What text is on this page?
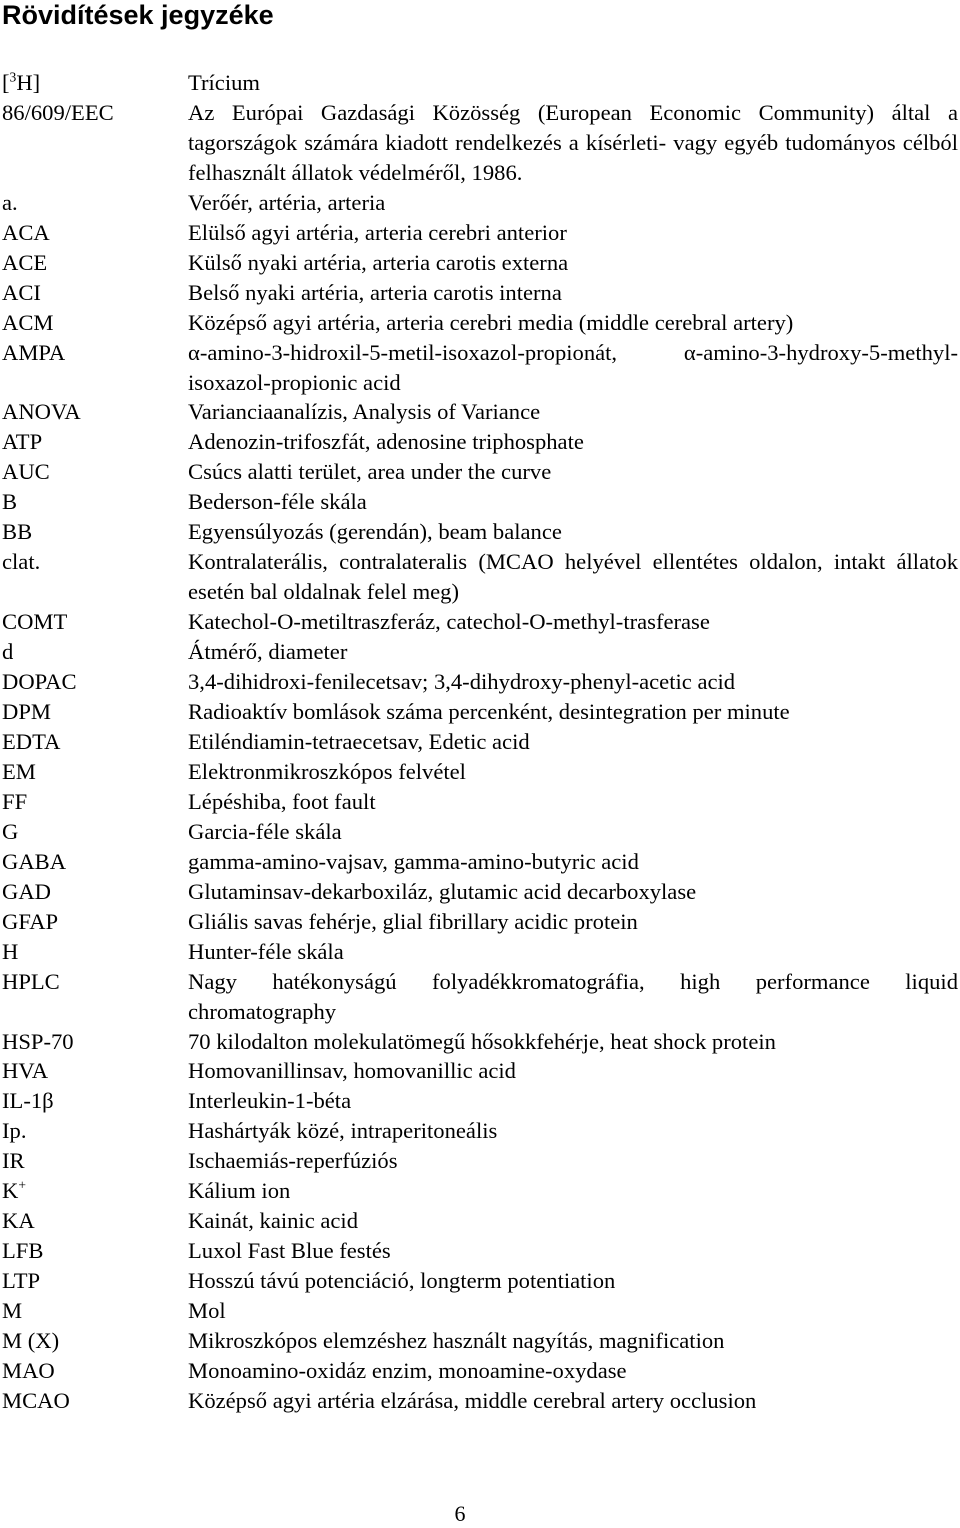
Rövidítések jegyzéke
[$^3$H]	Trícium
86/609/EEC	Az Európai Gazdasági Közösség (European Economic Community) által a tagországok számára kiadott rendelkezés a kísérleti- vagy egyéb tudományos célból felhasznált állatok védelméről, 1986.
a.	Verőér, artéria, arteria
ACA	Elülső agyi artéria, arteria cerebri anterior
ACE	Külső nyaki artéria, arteria carotis externa
ACI	Belső nyaki artéria, arteria carotis interna
ACM	Középső agyi artéria, arteria cerebri media (middle cerebral artery)
AMPA	α-amino-3-hidroxil-5-metil-isoxazol-propionát, α-amino-3-hydroxy-5-methyl-isoxazol-propionic acid
ANOVA	Varianciaanalízis, Analysis of Variance
ATP	Adenozin-trifoszfát, adenosine triphosphate
AUC	Csúcs alatti terület, area under the curve
B	Bederson-féle skála
BB	Egyensúlyozás (gerendán), beam balance
clat.	Kontralaterális, contralateralis (MCAO helyével ellentétes oldalon, intakt állatok esetén bal oldalnak felel meg)
COMT	Katechol-O-metiltraszferáz, catechol-O-methyl-trasferase
d	Átmérő, diameter
DOPAC	3,4-dihidroxi-fenilecetsav; 3,4-dihydroxy-phenyl-acetic acid
DPM	Radioaktív bomlások száma percenként, desintegration per minute
EDTA	Etiléndiamin-tetraecetsav, Edetic acid
EM	Elektronmikroszkópos felvétel
FF	Lépéshiba, foot fault
G	Garcia-féle skála
GABA	gamma-amino-vajsav, gamma-amino-butyric acid
GAD	Glutaminsav-dekarboxiláz, glutamic acid decarboxylase
GFAP	Gliális savas fehérje, glial fibrillary acidic protein
H	Hunter-féle skála
HPLC	Nagy hatékonyságú folyadékkromatográfia, high performance liquid chromatography
HSP-70	70 kilodalton molekulatömegű hősokkfehérje, heat shock protein
HVA	Homovanillinsav, homovanillic acid
IL-1β	Interleukin-1-béta
Ip.	Hashártyák közé, intraperitoneális
IR	Ischaemiás-reperfúziós
K+	Kálium ion
KA	Kainát, kainic acid
LFB	Luxol Fast Blue festés
LTP	Hosszú távú potenciáció, longterm potentiation
M	Mol
M (X)	Mikroszkópos elemzéshez használt nagyítás, magnification
MAO	Monoamino-oxidáz enzim, monoamine-oxydase
MCAO	Középső agyi artéria elzárása, middle cerebral artery occlusion
6
